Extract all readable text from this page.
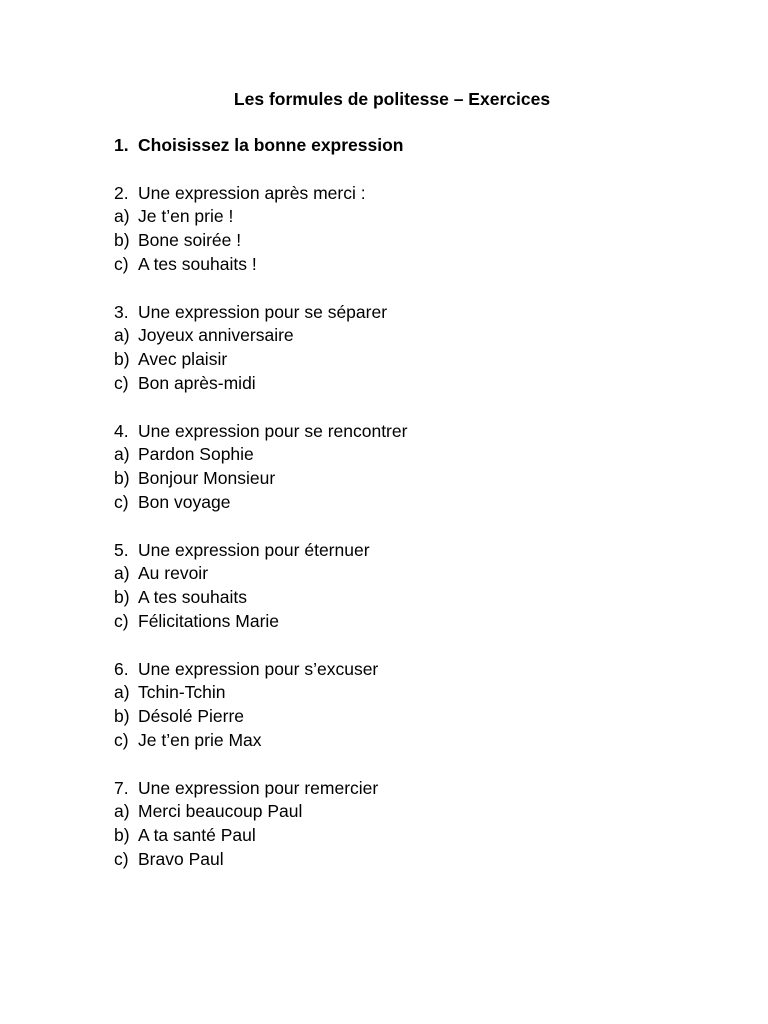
Les formules de politesse – Exercices
1. Choisissez la bonne expression
2. Une expression après merci :
a) Je t’en prie !
b) Bone soirée !
c) A tes souhaits !
3. Une expression pour se séparer
a) Joyeux anniversaire
b) Avec plaisir
c) Bon après-midi
4. Une expression pour se rencontrer
a) Pardon Sophie
b) Bonjour Monsieur
c) Bon voyage
5. Une expression pour éternuer
a) Au revoir
b) A tes souhaits
c) Félicitations Marie
6. Une expression pour s’excuser
a) Tchin-Tchin
b) Désolé Pierre
c) Je t’en prie Max
7. Une expression pour remercier
a) Merci beaucoup Paul
b) A ta santé Paul
c) Bravo Paul
